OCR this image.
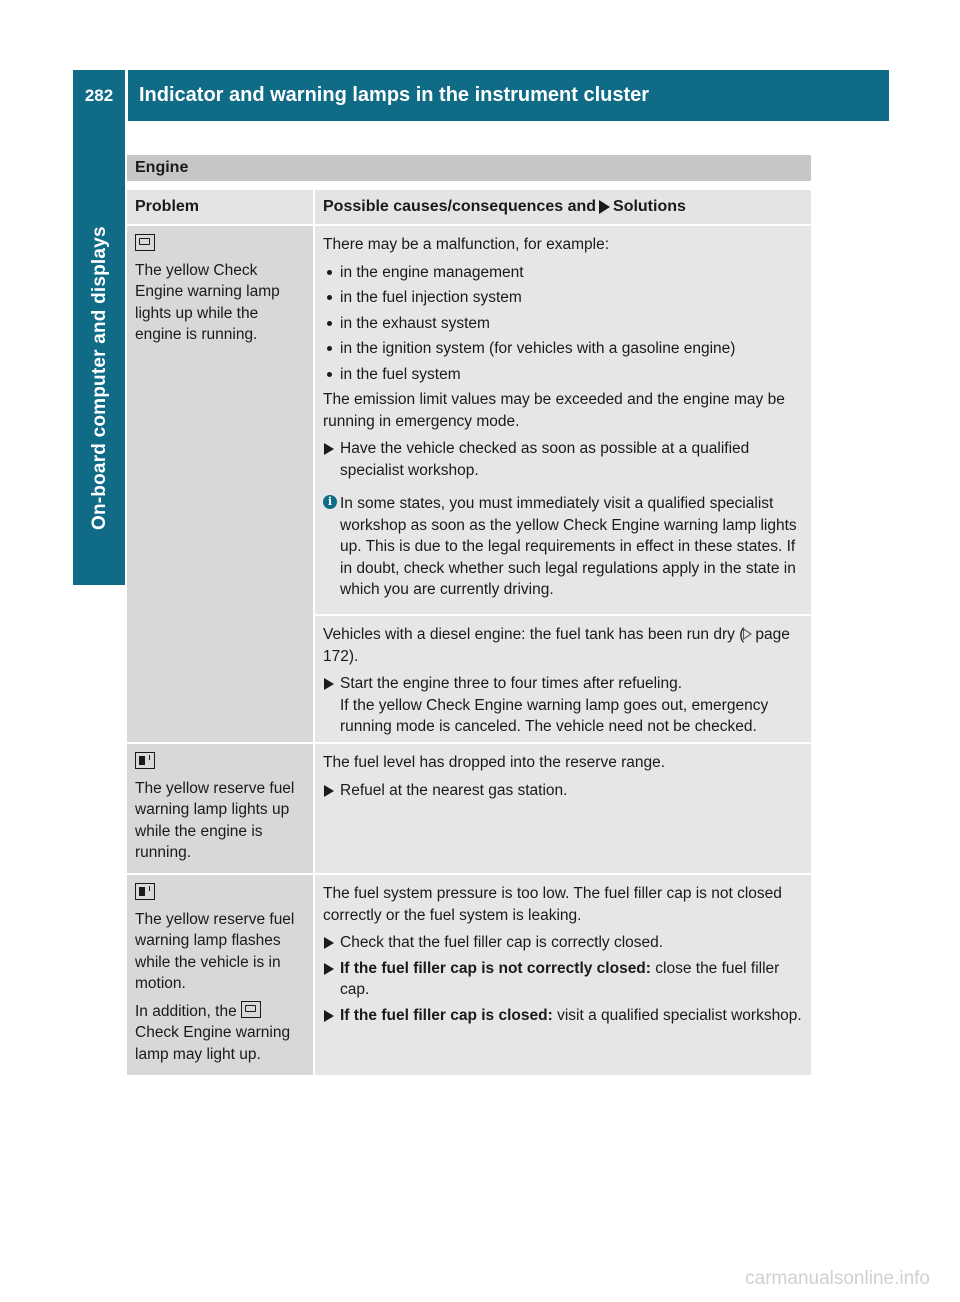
282	Indicator and warning lamps in the instrument cluster
On-board computer and displays
Engine
Problem	Possible causes/consequences and Solutions

The yellow Check Engine warning lamp lights up while the engine is running.

There may be a malfunction, for example:

in the engine management
in the fuel injection system
in the exhaust system
in the ignition system (for vehicles with a gasoline engine)
in the fuel system

The emission limit values may be exceeded and the engine may be running in emergency mode.

Have the vehicle checked as soon as possible at a qualified specialist workshop.
i In some states, you must immediately visit a qualified specialist workshop as soon as the yellow Check Engine warning lamp lights up. This is due to the legal requirements in effect in these states. If in doubt, check whether such legal regulations apply in the state in which you are currently driving.

Vehicles with a diesel engine: the fuel tank has been run dry ( page 172).

Start the engine three to four times after refueling.
If the yellow Check Engine warning lamp goes out, emergency running mode is canceled. The vehicle need not be checked.

The yellow reserve fuel warning lamp lights up while the engine is running.

The fuel level has dropped into the reserve range.

Refuel at the nearest gas station.

The yellow reserve fuel warning lamp flashes while the vehicle is in motion.

In addition, the  Check Engine warning lamp may light up.

The fuel system pressure is too low. The fuel filler cap is not closed correctly or the fuel system is leaking.

Check that the fuel filler cap is correctly closed.
If the fuel filler cap is not correctly closed: close the fuel filler cap.
If the fuel filler cap is closed: visit a qualified specialist workshop.
carmanualsonline.info
